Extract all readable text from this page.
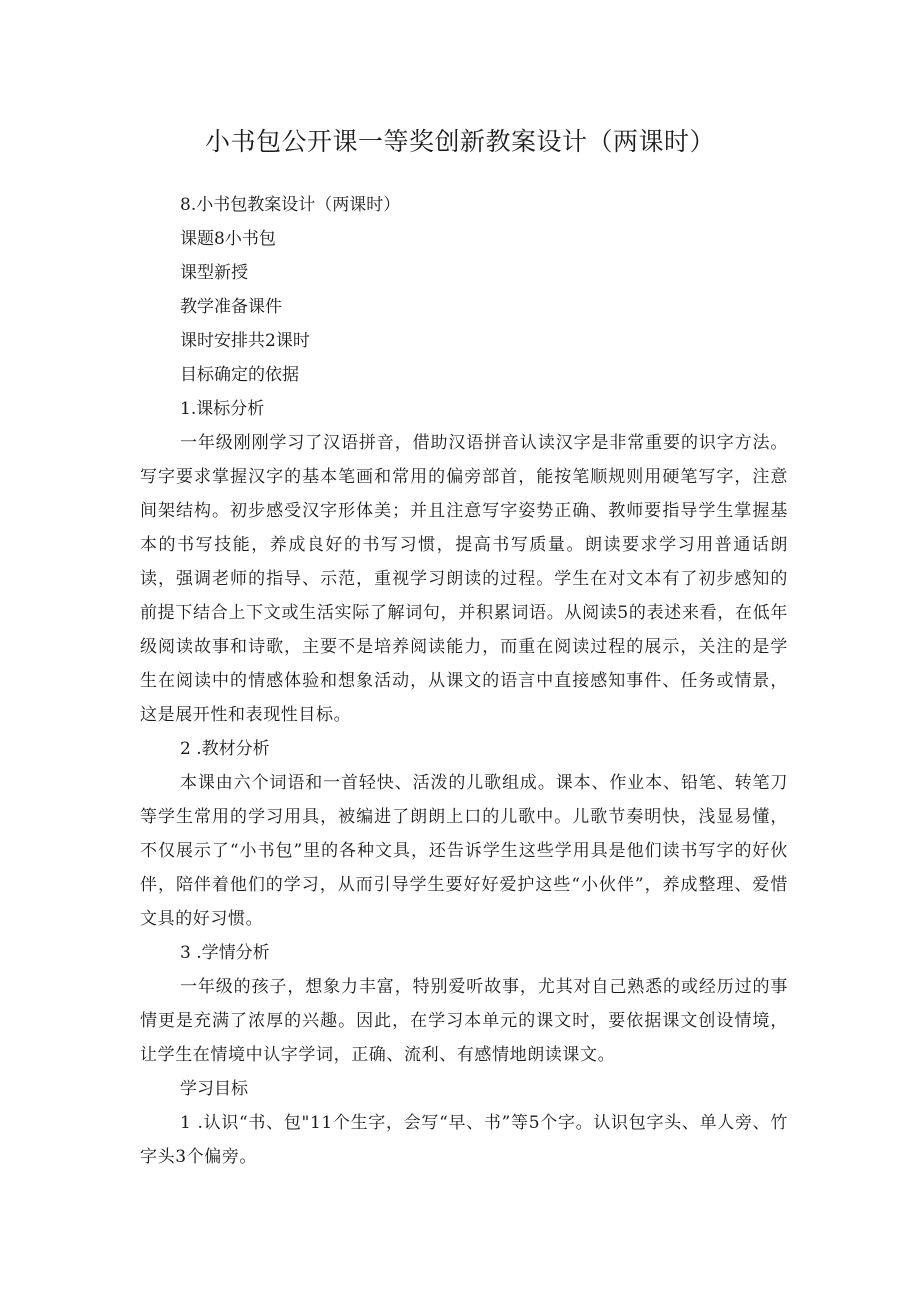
小书包公开课一等奖创新教案设计（两课时）

8.小书包教案设计（两课时）

课题8小书包

课型新授

教学准备课件

课时安排共2课时

目标确定的依据

1.课标分析

一年级刚刚学习了汉语拼音，借助汉语拼音认读汉字是非常重要的识字方法。写字要求掌握汉字的基本笔画和常用的偏旁部首，能按笔顺规则用硬笔写字，注意间架结构。初步感受汉字形体美；并且注意写字姿势正确、教师要指导学生掌握基本的书写技能，养成良好的书写习惯，提高书写质量。朗读要求学习用普通话朗读，强调老师的指导、示范，重视学习朗读的过程。学生在对文本有了初步感知的前提下结合上下文或生活实际了解词句，并积累词语。从阅读5的表述来看，在低年级阅读故事和诗歌，主要不是培养阅读能力，而重在阅读过程的展示，关注的是学生在阅读中的情感体验和想象活动，从课文的语言中直接感知事件、任务或情景，这是展开性和表现性目标。

2 .教材分析

本课由六个词语和一首轻快、活泼的儿歌组成。课本、作业本、铅笔、转笔刀等学生常用的学习用具，被编进了朗朗上口的儿歌中。儿歌节奏明快，浅显易懂，不仅展示了“小书包”里的各种文具，还告诉学生这些学用具是他们读书写字的好伙伴，陪伴着他们的学习，从而引导学生要好好爱护这些“小伙伴”，养成整理、爱惜文具的好习惯。

3 .学情分析

一年级的孩子，想象力丰富，特别爱听故事，尤其对自己熟悉的或经历过的事情更是充满了浓厚的兴趣。因此，在学习本单元的课文时，要依据课文创设情境，让学生在情境中认字学词，正确、流利、有感情地朗读课文。

学习目标

1 .认识“书、包"11个生字，会写“早、书”等5个字。认识包字头、单人旁、竹字头3个偏旁。
